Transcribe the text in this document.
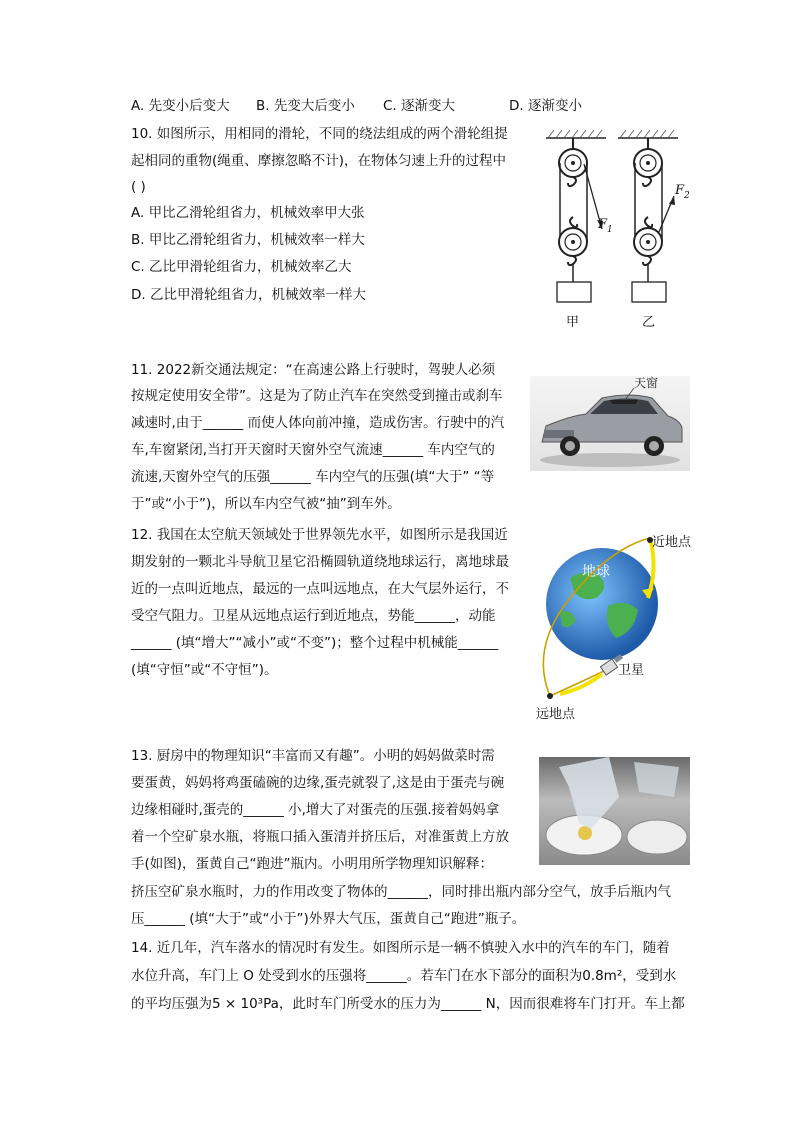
A. 先变小后变大 B. 先变大后变小 C. 逐渐变大	D. 逐渐变小
10. 如图所示，用相同的滑轮，不同的绕法组成的两个滑轮组提
起相同的重物(绳重、摩擦忽略不计)，在物体匀速上升的过程中
( )
A. 甲比乙滑轮组省力，机械效率甲大张
B. 甲比乙滑轮组省力，机械效率一样大
C. 乙比甲滑轮组省力，机械效率乙大
D. 乙比甲滑轮组省力，机械效率一样大
$F_1$
甲
$F_2$
乙
11. 2022新交通法规定：“在高速公路上行驶时，驾驶人必须
按规定使用安全带”。这是为了防止汽车在突然受到撞击或刹车
减速时,由于______ 而使人体向前冲撞，造成伤害。行驶中的汽
车,车窗紧闭,当打开天窗时天窗外空气流速______ 车内空气的
流速,天窗外空气的压强______ 车内空气的压强(填“大于” “等
于”或“小于”)，所以车内空气被“抽”到车外。
天窗
12. 我国在太空航天领域处于世界领先水平，如图所示是我国近
期发射的一颗北斗导航卫星它沿椭圆轨道绕地球运行，离地球最
近的一点叫近地点，最远的一点叫远地点，在大气层外运行，不
受空气阻力。卫星从远地点运行到近地点，势能______，动能
______ (填“增大”“减小”或“不变”)；整个过程中机械能______
(填“守恒”或“不守恒”)。
地球
近地点
卫星
远地点
13. 厨房中的物理知识“丰富而又有趣”。小明的妈妈做菜时需
要蛋黄，妈妈将鸡蛋磕碗的边缘,蛋壳就裂了,这是由于蛋壳与碗
边缘相碰时,蛋壳的______ 小,增大了对蛋壳的压强.接着妈妈拿
着一个空矿泉水瓶，将瓶口插入蛋清并挤压后，对准蛋黄上方放
手(如图)，蛋黄自己“跑进”瓶内。小明用所学物理知识解释：
挤压空矿泉水瓶时，力的作用改变了物体的______，同时排出瓶内部分空气，放手后瓶内气
压______ (填“大于”或“小于”)外界大气压，蛋黄自己“跑进”瓶子。
14. 近几年，汽车落水的情况时有发生。如图所示是一辆不慎驶入水中的汽车的车门，随着
水位升高，车门上 O 处受到水的压强将______。若车门在水下部分的面积为0.8m²，受到水
的平均压强为5 × 10³Pa，此时车门所受水的压力为______ N，因而很难将车门打开。车上都
